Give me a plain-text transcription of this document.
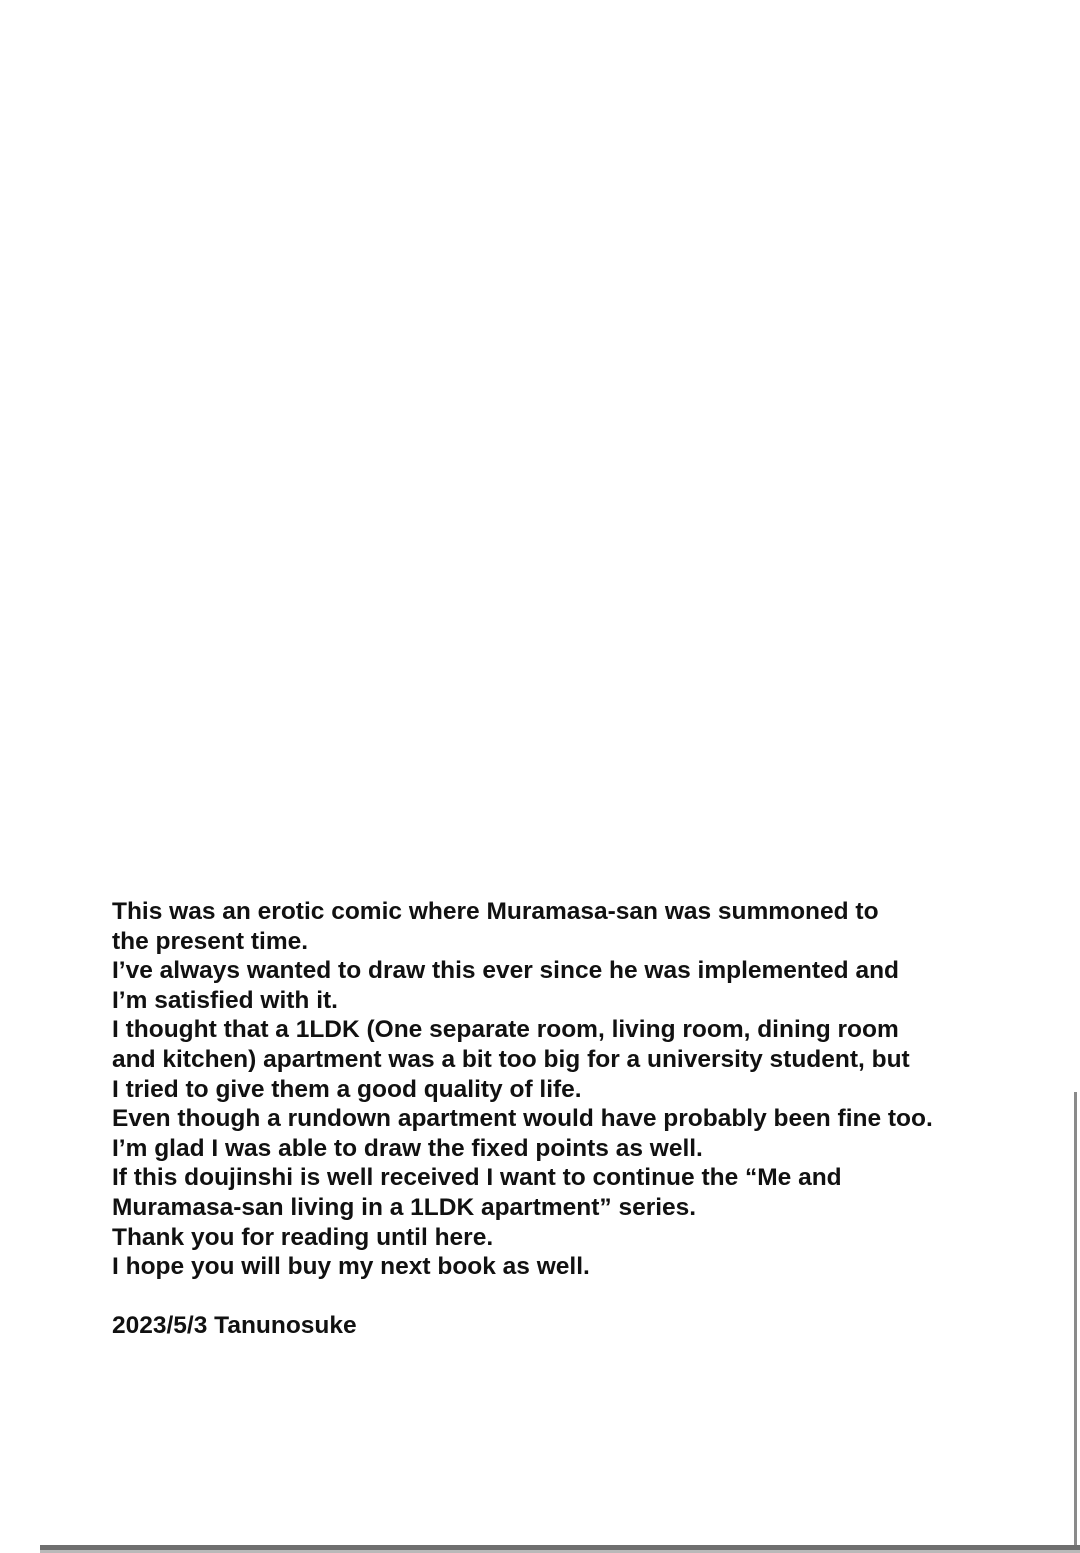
This was an erotic comic where Muramasa-san was summoned to
the present time.
I’ve always wanted to draw this ever since he was implemented and
I’m satisfied with it.
I thought that a 1LDK (One separate room, living room, dining room
and kitchen) apartment was a bit too big for a university student, but
I tried to give them a good quality of life.
Even though a rundown apartment would have probably been fine too.
I’m glad I was able to draw the fixed points as well.
If this doujinshi is well received I want to continue the “Me and
Muramasa-san living in a 1LDK apartment” series.
Thank you for reading until here.
I hope you will buy my next book as well.
2023/5/3 Tanunosuke
